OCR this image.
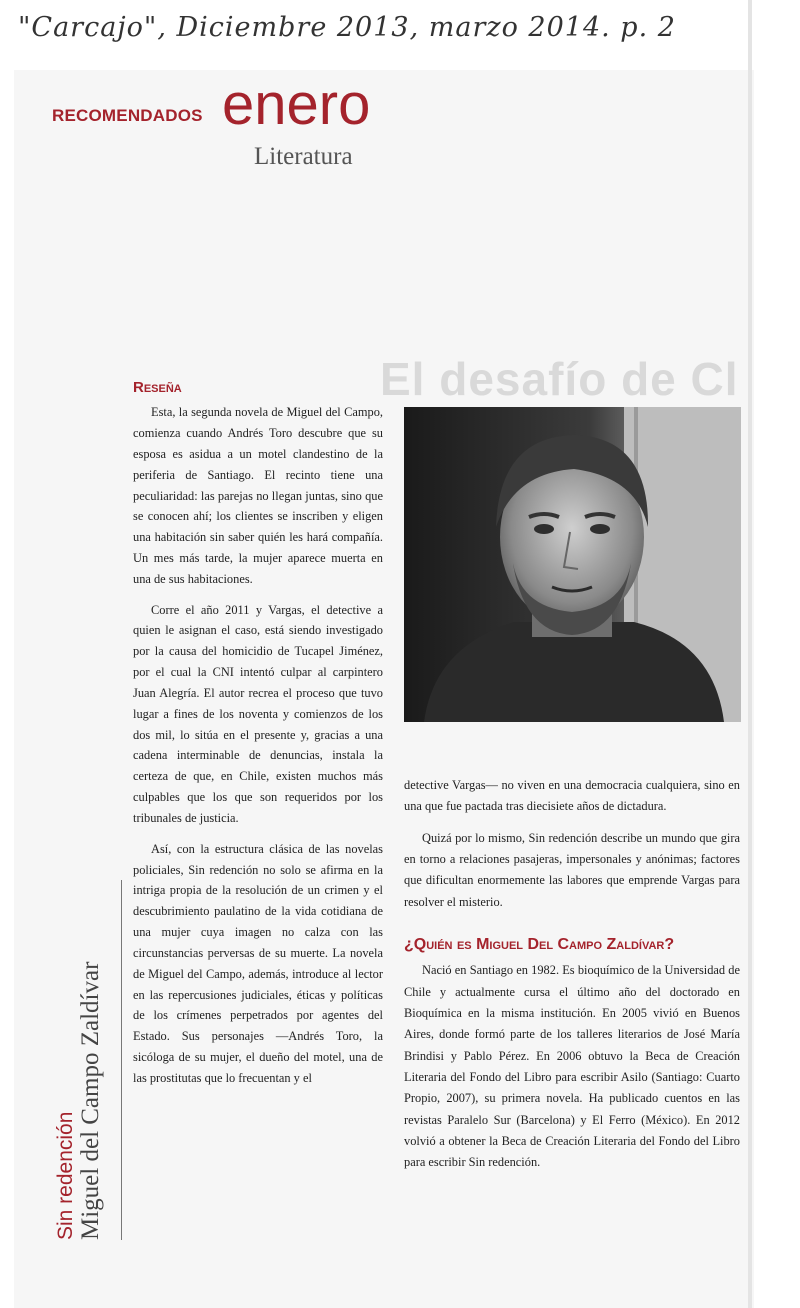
"Carcajo", Diciembre 2013, marzo 2014. p. 2
RECOMENDADOS enero
Literatura
El desafío de Cl
Reseña

Esta, la segunda novela de Miguel del Campo, comienza cuando Andrés Toro descubre que su esposa es asidua a un motel clandestino de la periferia de Santiago. El recinto tiene una peculiaridad: las parejas no llegan juntas, sino que se conocen ahí; los clientes se inscriben y eligen una habitación sin saber quién les hará compañía. Un mes más tarde, la mujer aparece muerta en una de sus habitaciones.

Corre el año 2011 y Vargas, el detective a quien le asignan el caso, está siendo investigado por la causa del homicidio de Tucapel Jiménez, por el cual la CNI intentó culpar al carpintero Juan Alegría. El autor recrea el proceso que tuvo lugar a fines de los noventa y comienzos de los dos mil, lo sitúa en el presente y, gracias a una cadena interminable de denuncias, instala la certeza de que, en Chile, existen muchos más culpables que los que son requeridos por los tribunales de justicia.

Así, con la estructura clásica de las novelas policiales, Sin redención no solo se afirma en la intriga propia de la resolución de un crimen y el descubrimiento paulatino de la vida cotidiana de una mujer cuya imagen no calza con las circunstancias perversas de su muerte. La novela de Miguel del Campo, además, introduce al lector en las repercusiones judiciales, éticas y políticas de los crímenes perpetrados por agentes del Estado. Sus personajes —Andrés Toro, la sicóloga de su mujer, el dueño del motel, una de las prostitutas que lo frecuentan y el

detective Vargas— no viven en una democracia cualquiera, sino en una que fue pactada tras diecisiete años de dictadura.

Quizá por lo mismo, Sin redención describe un mundo que gira en torno a relaciones pasajeras, impersonales y anónimas; factores que dificultan enormemente las labores que emprende Vargas para resolver el misterio.

¿Quién es Miguel Del Campo Zaldívar?

Nació en Santiago en 1982. Es bioquímico de la Universidad de Chile y actualmente cursa el último año del doctorado en Bioquímica en la misma institución. En 2005 vivió en Buenos Aires, donde formó parte de los talleres literarios de José María Brindisi y Pablo Pérez. En 2006 obtuvo la Beca de Creación Literaria del Fondo del Libro para escribir Asilo (Santiago: Cuarto Propio, 2007), su primera novela. Ha publicado cuentos en las revistas Paralelo Sur (Barcelona) y El Ferro (México). En 2012 volvió a obtener la Beca de Creación Literaria del Fondo del Libro para escribir Sin redención.

Sin redención Miguel del Campo Zaldívar
